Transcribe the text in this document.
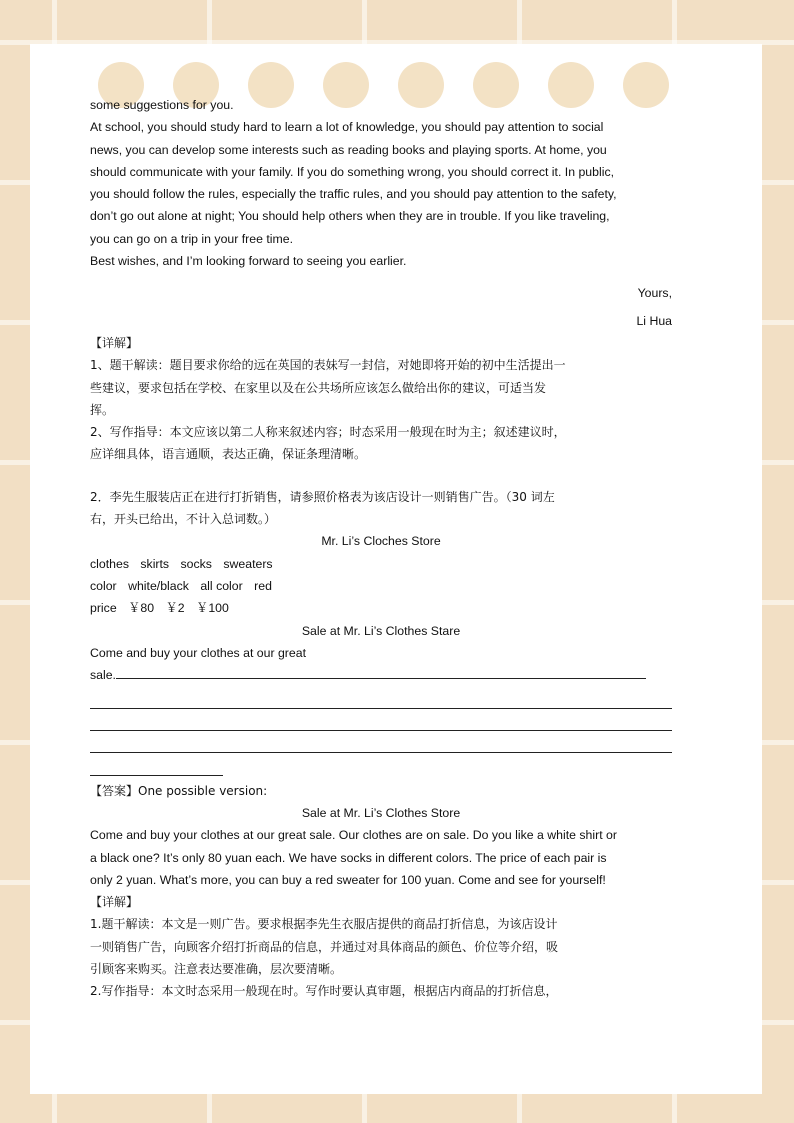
some suggestions for you.
At school, you should study hard to learn a lot of knowledge, you should pay attention to social
news, you can develop some interests such as reading books and playing sports. At home, you
should communicate with your family. If you do something wrong, you should correct it. In public,
you should follow the rules, especially the traffic rules, and you should pay attention to the safety,
don’t go out alone at night; You should help others when they are in trouble. If you like traveling,
you can go on a trip in your free time.
Best wishes, and I’m looking forward to seeing you earlier.
Yours,
Li Hua
【详解】
1、题干解读：题目要求你给的远在英国的表妹写一封信，对她即将开始的初中生活提出一
些建议，要求包括在学校、在家里以及在公共场所应该怎么做给出你的建议，可适当发
挥。
2、写作指导：本文应该以第二人称来叙述内容；时态采用一般现在时为主；叙述建议时，
应详细具体，语言通顺，表达正确，保证条理清晰。
2．李先生服装店正在进行打折销售，请参照价格表为该店设计一则销售广告。（30 词左
右，开头已给出，不计入总词数。）
Mr. Li’s Cloches Store
clothes skirts socks sweaters
color white/black all color red
price ￥80 ￥2 ￥100
Sale at Mr. Li’s Clothes Stare
Come and buy your clothes at our great
sale.
【答案】One possible version:
Sale at Mr. Li’s Clothes Store
Come and buy your clothes at our great sale. Our clothes are on sale. Do you like a white shirt or
a black one? It’s only 80 yuan each. We have socks in different colors. The price of each pair is
only 2 yuan. What’s more, you can buy a red sweater for 100 yuan. Come and see for yourself!
【详解】
1.题干解读：本文是一则广告。要求根据李先生衣服店提供的商品打折信息，为该店设计
一则销售广告，向顾客介绍打折商品的信息，并通过对具体商品的颜色、价位等介绍，吸
引顾客来购买。注意表达要准确，层次要清晰。
2.写作指导：本文时态采用一般现在时。写作时要认真审题，根据店内商品的打折信息，
